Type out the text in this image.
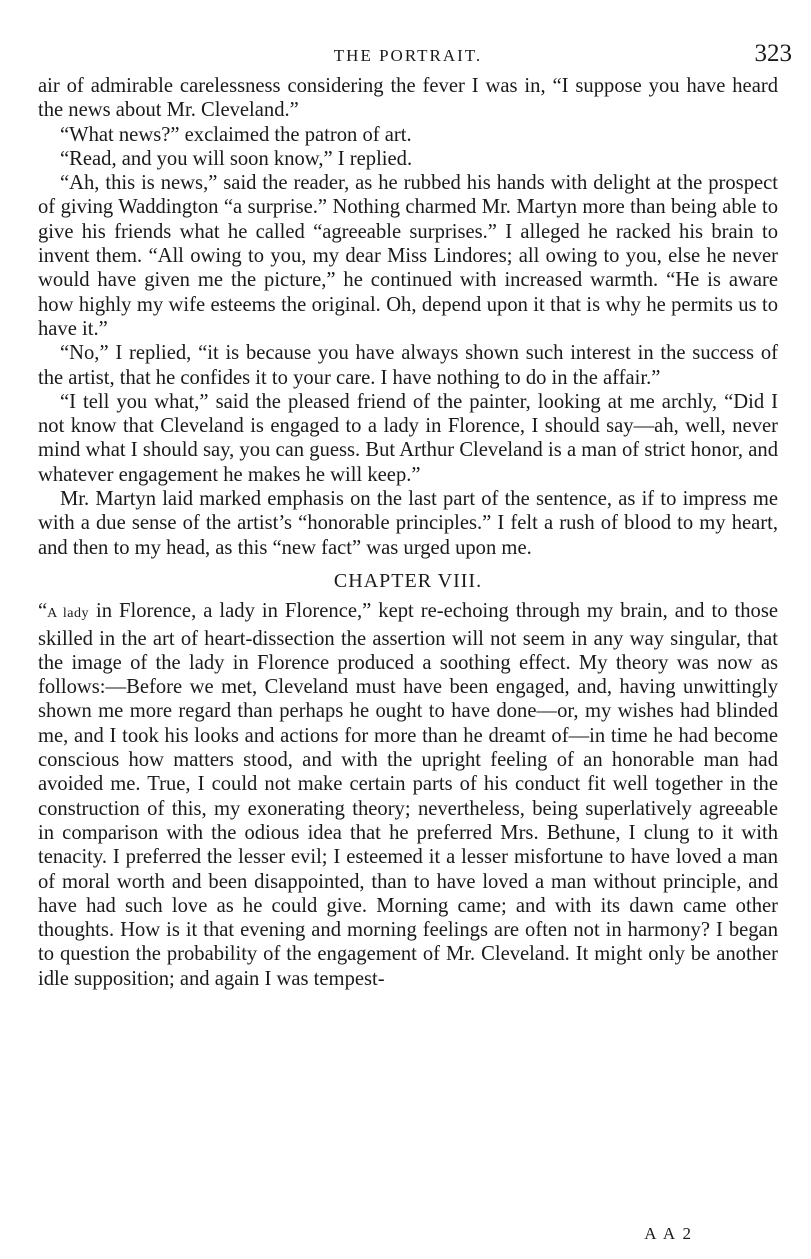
THE PORTRAIT.	323

air of admirable carelessness considering the fever I was in, “I suppose you have heard the news about Mr. Cleveland.”

“What news?” exclaimed the patron of art.

“Read, and you will soon know,” I replied.

“Ah, this is news,” said the reader, as he rubbed his hands with delight at the prospect of giving Waddington “a surprise.” Nothing charmed Mr. Martyn more than being able to give his friends what he called “agreeable surprises.” I alleged he racked his brain to invent them. “All owing to you, my dear Miss Lindores; all owing to you, else he never would have given me the picture,” he continued with increased warmth. “He is aware how highly my wife esteems the original. Oh, depend upon it that is why he permits us to have it.”

“No,” I replied, “it is because you have always shown such interest in the success of the artist, that he confides it to your care. I have nothing to do in the affair.”

“I tell you what,” said the pleased friend of the painter, looking at me archly, “Did I not know that Cleveland is engaged to a lady in Florence, I should say—ah, well, never mind what I should say, you can guess. But Arthur Cleveland is a man of strict honor, and whatever engagement he makes he will keep.”

Mr. Martyn laid marked emphasis on the last part of the sentence, as if to impress me with a due sense of the artist’s “honorable principles.” I felt a rush of blood to my heart, and then to my head, as this “new fact” was urged upon me.

CHAPTER VIII.

“A lady in Florence, a lady in Florence,” kept re-echoing through my brain, and to those skilled in the art of heart-dissection the assertion will not seem in any way singular, that the image of the lady in Florence produced a soothing effect. My theory was now as follows:—Before we met, Cleveland must have been engaged, and, having unwittingly shown me more regard than perhaps he ought to have done—or, my wishes had blinded me, and I took his looks and actions for more than he dreamt of—in time he had become conscious how matters stood, and with the upright feeling of an honorable man had avoided me. True, I could not make certain parts of his conduct fit well together in the construction of this, my exonerating theory; nevertheless, being superlatively agreeable in comparison with the odious idea that he preferred Mrs. Bethune, I clung to it with tenacity. I preferred the lesser evil; I esteemed it a lesser misfortune to have loved a man of moral worth and been disappointed, than to have loved a man without principle, and have had such love as he could give. Morning came; and with its dawn came other thoughts. How is it that evening and morning feelings are often not in harmony? I began to question the probability of the engagement of Mr. Cleveland. It might only be another idle supposition; and again I was tempest-

A A 2
